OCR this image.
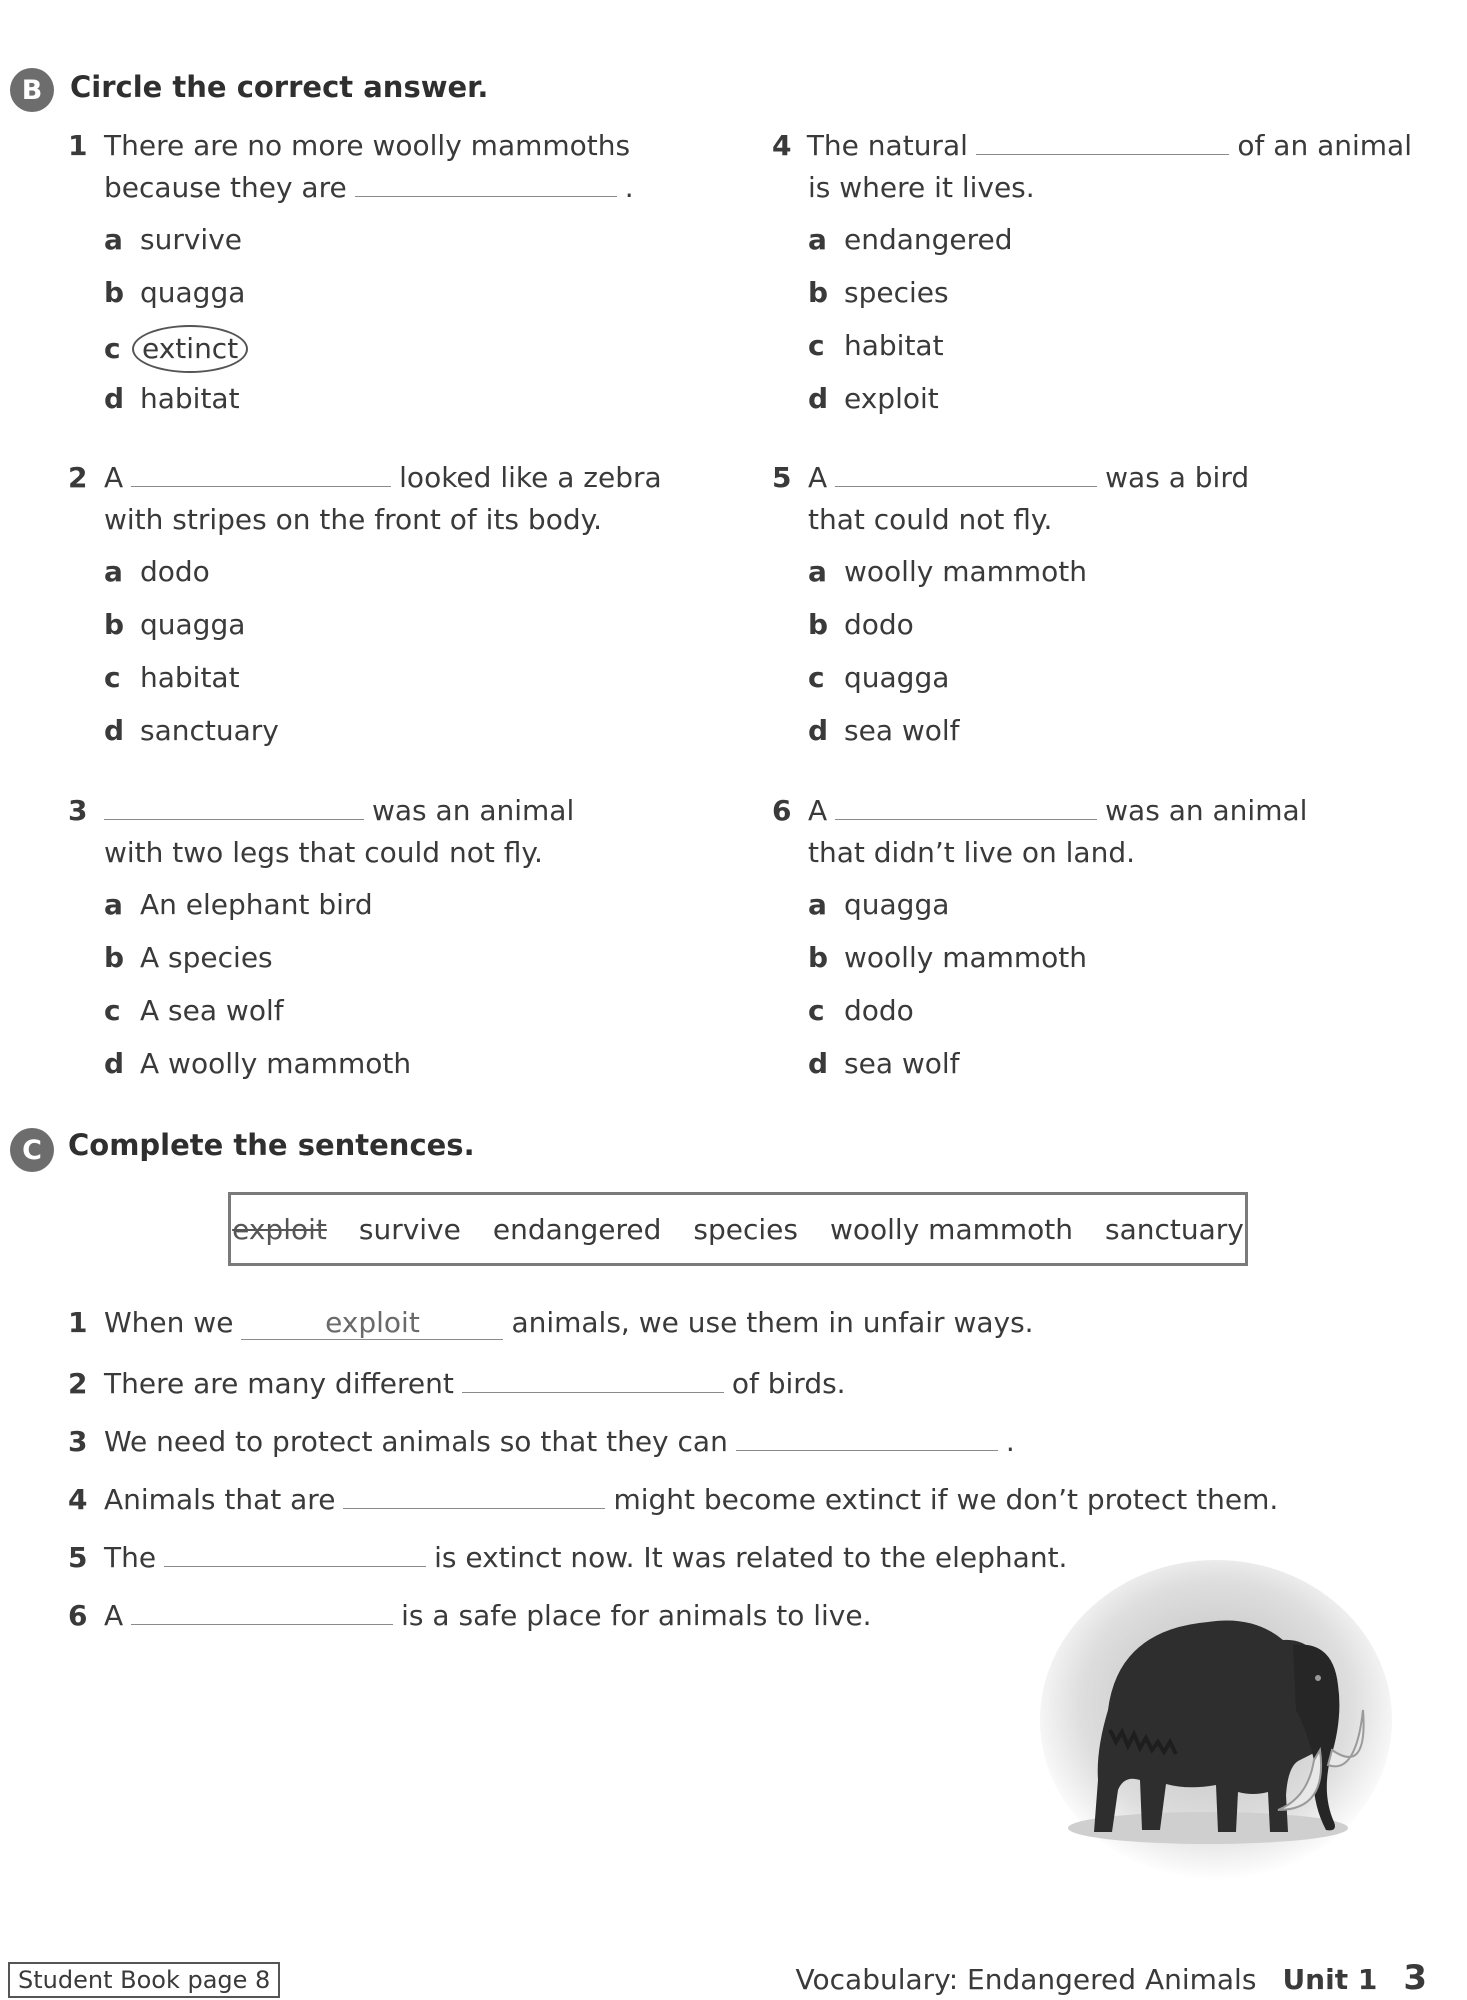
B Circle the correct answer.
1 There are no more woolly mammoths
because they are	.
a survive
b quagga
c extinct
d habitat
2 A	looked like a zebra
with stripes on the front of its body.
a dodo
b quagga
c habitat
d sanctuary
3	was an animal
with two legs that could not fly.
a An elephant bird
b A species
c A sea wolf
d A woolly mammoth
4 The natural	of an animal
is where it lives.
a endangered
b species
c habitat
d exploit
5 A	was a bird
that could not fly.
a woolly mammoth
b dodo
c quagga
d sea wolf
6 A	was an animal
that didn’t live on land.
a quagga
b woolly mammoth
c dodo
d sea wolf
C Complete the sentences.
exploit survive endangered species woolly mammoth sanctuary
1 When we	exploit	animals, we use them in unfair ways.
2 There are many different	of birds.
3 We need to protect animals so that they can	.
4 Animals that are	might become extinct if we don’t protect them.
5 The	is extinct now. It was related to the elephant.
6 A	is a safe place for animals to live.
Student Book page 8	Vocabulary: Endangered Animals Unit 1 3
